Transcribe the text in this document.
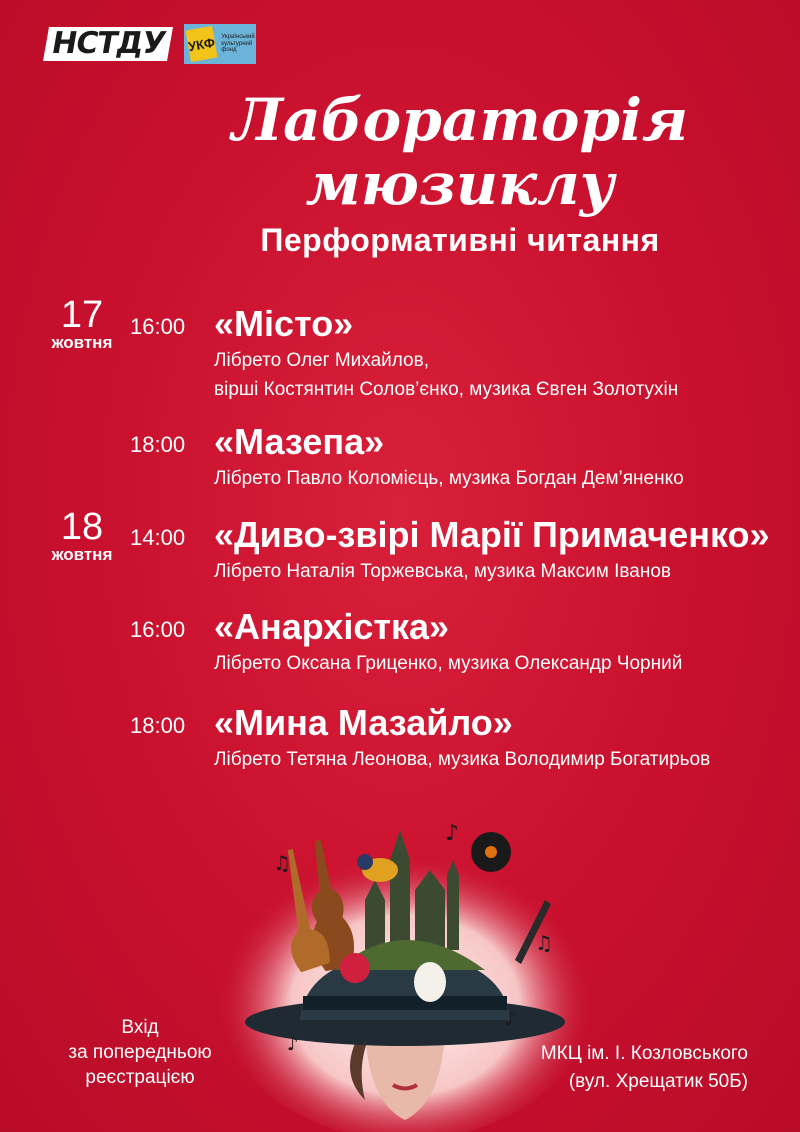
НСТДУ	УКФ Український культурний фонд
Лабораторія
мюзиклу
Перформативні читання
17
жовтня
18
жовтня
16:00 «Місто»
Лібрето Олег Михайлов,
вірші Костянтин Солов’єнко, музика Євген Золотухін
18:00 «Мазепа»
Лібрето Павло Коломієць, музика Богдан Дем’яненко
14:00 «Диво-звірі Марії Примаченко»
Лібрето Наталія Торжевська, музика Максим Іванов
16:00 «Анархістка»
Лібрето Оксана Гриценко, музика Олександр Чорний
18:00 «Мина Мазайло»
Лібрето Тетяна Леонова, музика Володимир Богатирьов
♪
♫
♫
♪
♪
Вхід
за попередньою
реєстрацією
МКЦ ім. І. Козловського
(вул. Хрещатик 50Б)
